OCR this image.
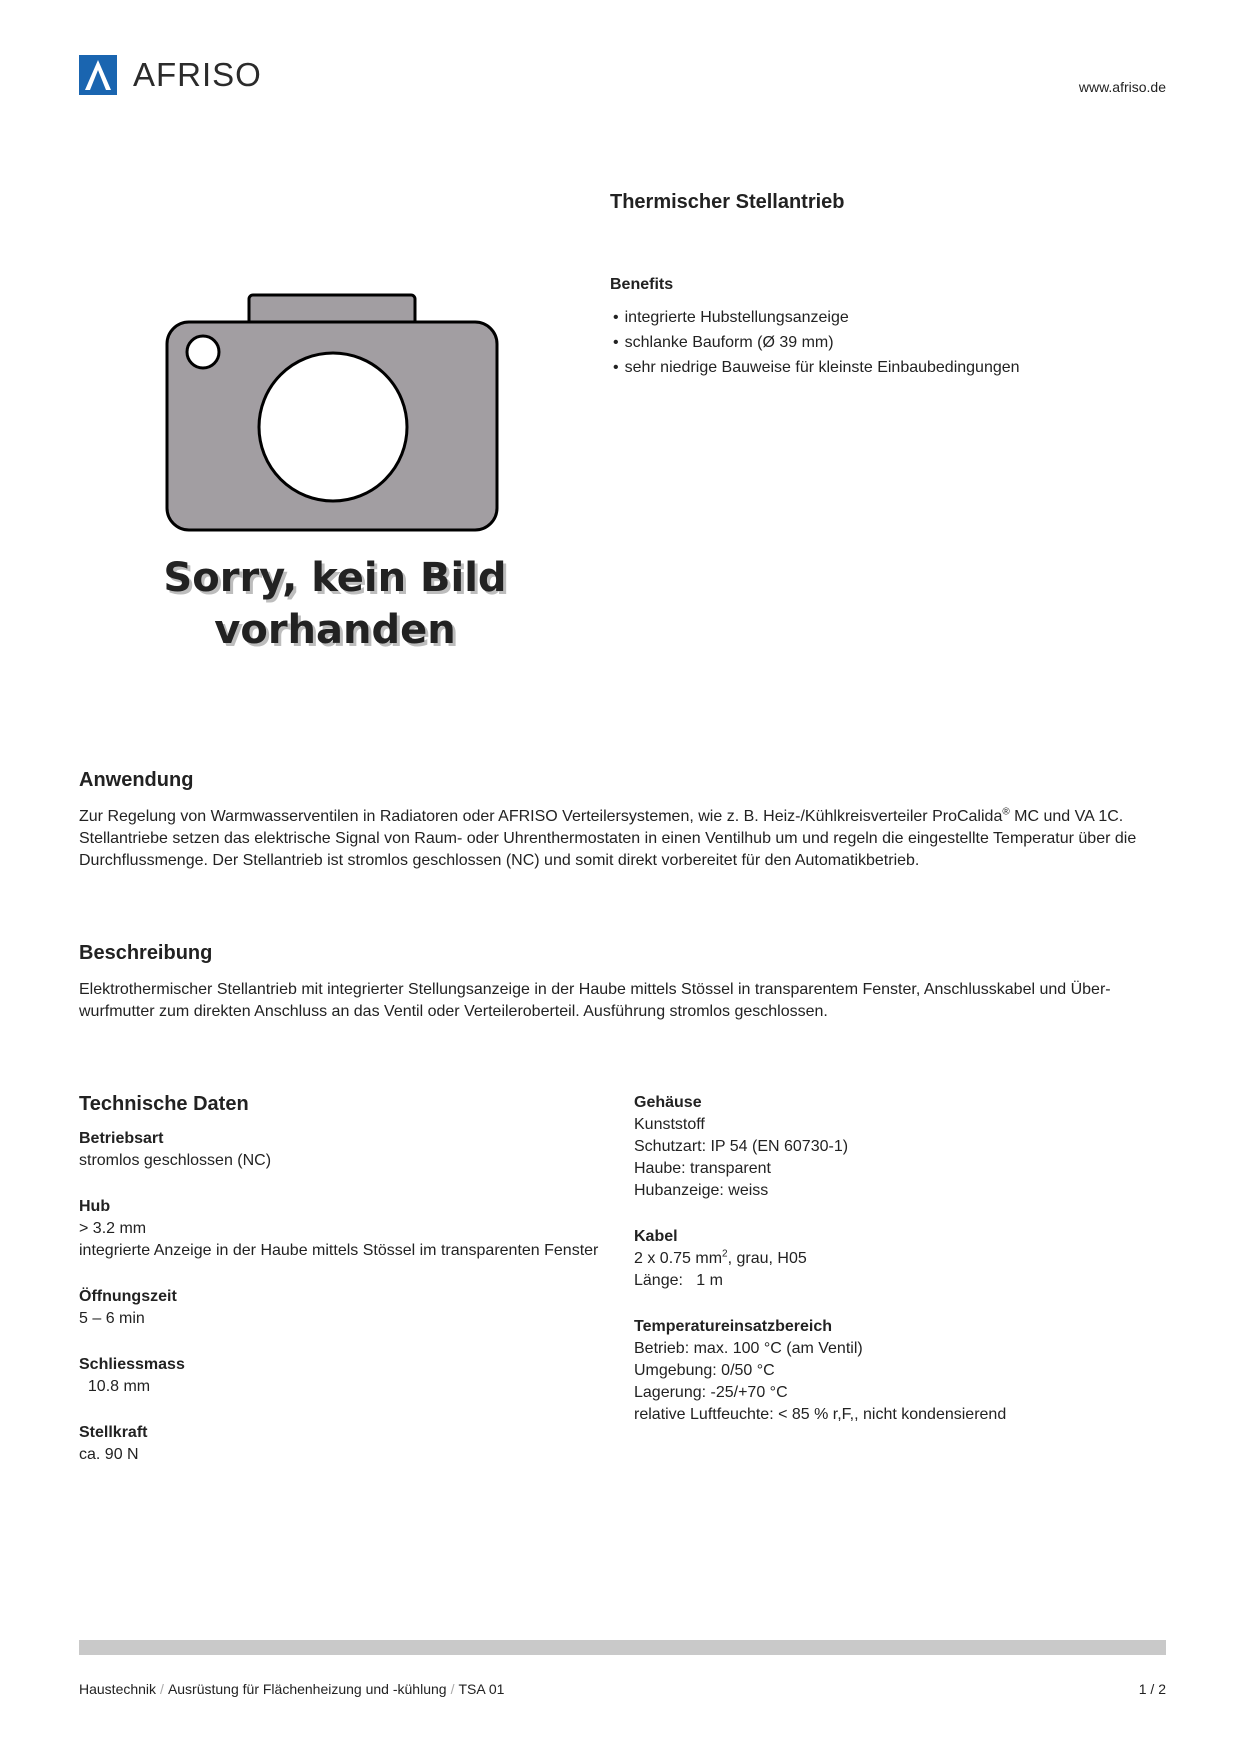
AFRISO	www.afriso.de
Thermischer Stellantrieb
Benefits
• integrierte Hubstellungsanzeige
• schlanke Bauform (Ø 39 mm)
• sehr niedrige Bauweise für kleinste Einbaubedingungen
Sorry, kein Bild
vorhanden
Anwendung
Zur Regelung von Warmwasserventilen in Radiatoren oder AFRISO Verteilersystemen, wie z. B. Heiz-/Kühlkreisverteiler ProCalida® MC und VA 1C. Stellantriebe setzen das elektrische Signal von Raum- oder Uhrenthermostaten in einen Ventilhub um und regeln die eingestellte Temperatur über die Durchflussmenge. Der Stellantrieb ist stromlos geschlossen (NC) und somit direkt vorbereitet für den Automatikbetrieb.
Beschreibung
Elektrothermischer Stellantrieb mit integrierter Stellungsanzeige in der Haube mittels Stössel in transparentem Fenster, Anschlusskabel und Überwurfmutter zum direkten Anschluss an das Ventil oder Verteileroberteil. Ausführung stromlos geschlossen.
Technische Daten
Betriebsart
stromlos geschlossen (NC)
Hub
> 3.2 mm
integrierte Anzeige in der Haube mittels Stössel im transparenten Fenster
Öffnungszeit
5 – 6 min
Schliessmass
10.8 mm
Stellkraft
ca. 90 N
Gehäuse
Kunststoff
Schutzart: IP 54 (EN 60730-1)
Haube: transparent
Hubanzeige: weiss
Kabel
2 x 0.75 $mm^2$, grau, H05
Länge:   1 m
Temperatureinsatzbereich
Betrieb: max. 100 °C (am Ventil)
Umgebung: 0/50 °C
Lagerung: -25/+70 °C
relative Luftfeuchte: < 85 % r,F,, nicht kondensierend
Haustechnik / Ausrüstung für Flächenheizung und -kühlung / TSA 01	1 / 2
